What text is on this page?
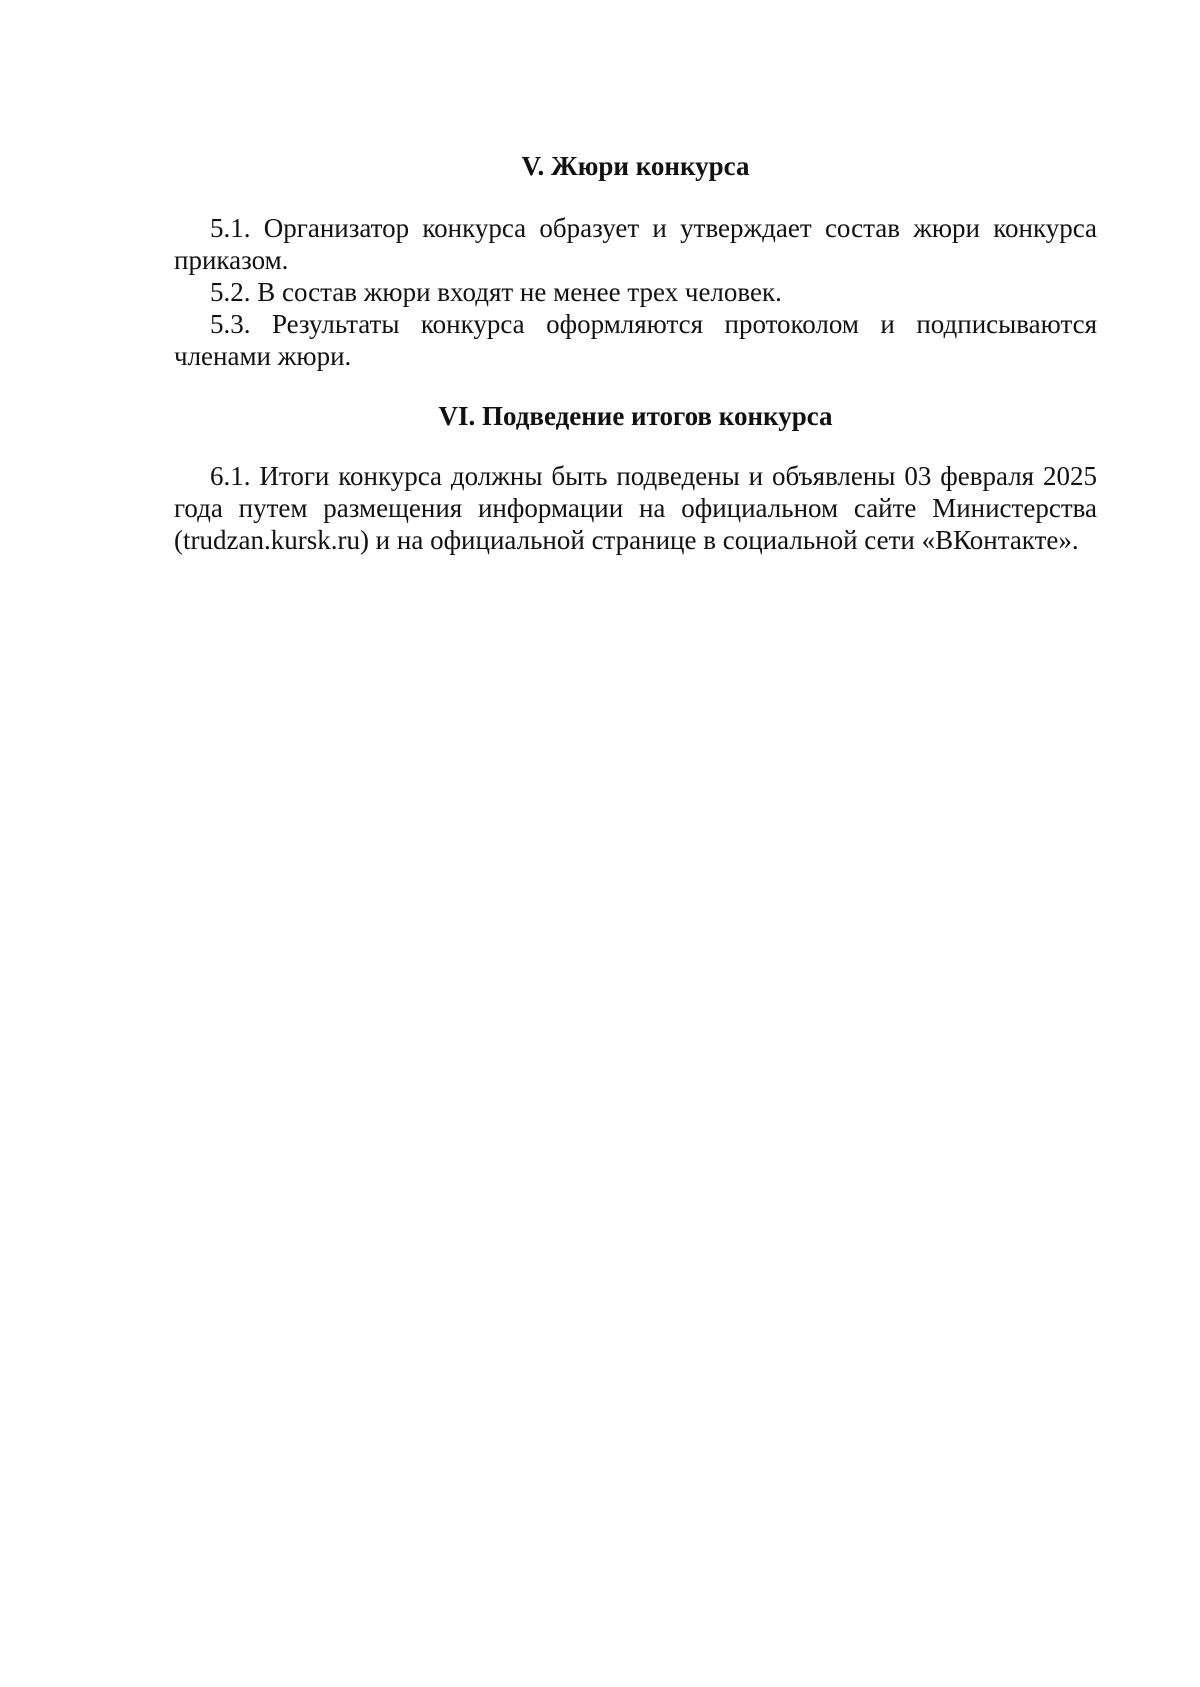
V. Жюри конкурса

5.1. Организатор конкурса образует и утверждает состав жюри конкурса приказом.

5.2. В состав жюри входят не менее трех человек.

5.3. Результаты конкурса оформляются протоколом и подписываются членами жюри.

VI. Подведение итогов конкурса

6.1. Итоги конкурса должны быть подведены и объявлены 03 февраля 2025 года путем размещения информации на официальном сайте Министерства (trudzan.kursk.ru) и на официальной странице в социальной сети «ВКонтакте».
